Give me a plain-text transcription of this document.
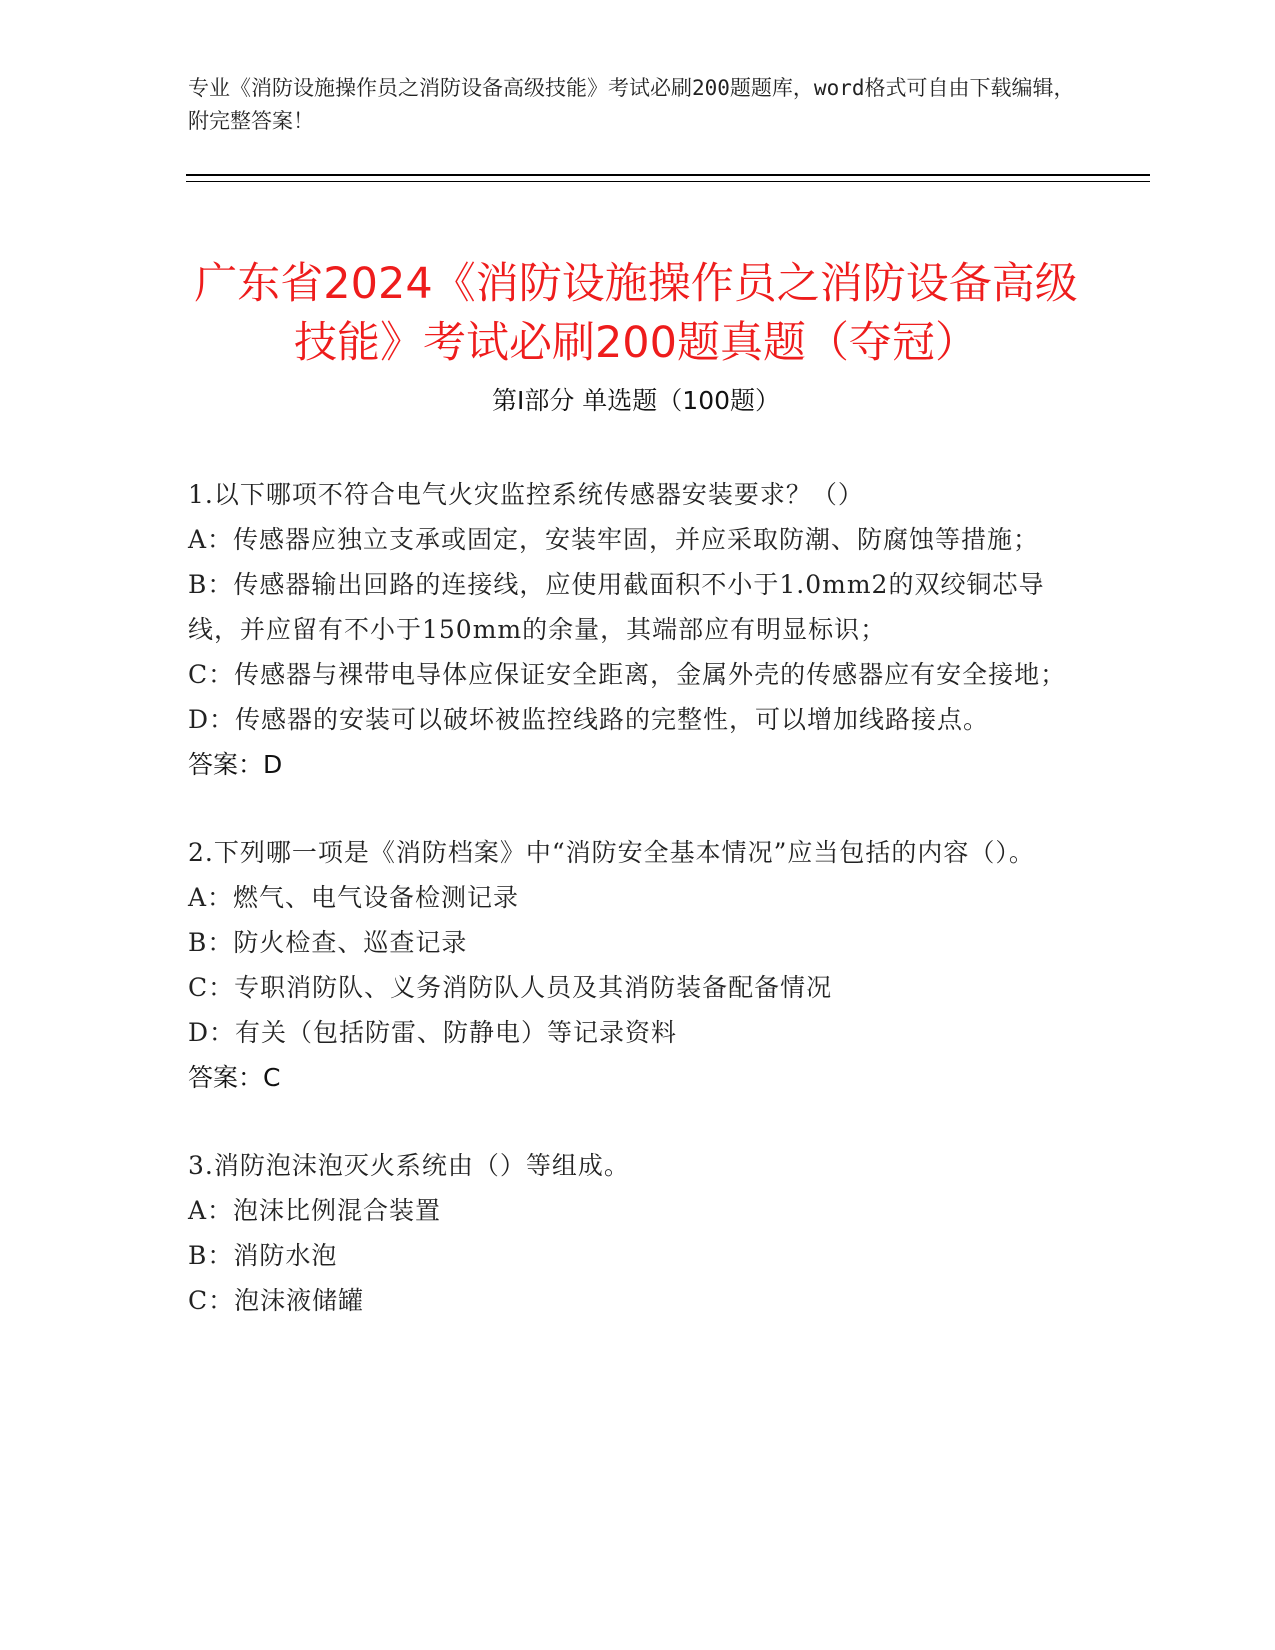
专业《消防设施操作员之消防设备高级技能》考试必刷200题题库，word格式可自由下载编辑，附完整答案！
广东省2024《消防设施操作员之消防设备高级技能》考试必刷200题真题（夺冠）
第I部分 单选题（100题）
1.以下哪项不符合电气火灾监控系统传感器安装要求？（）
A：传感器应独立支承或固定，安装牢固，并应采取防潮、防腐蚀等措施；
B：传感器输出回路的连接线，应使用截面积不小于1.0mm2的双绞铜芯导线，并应留有不小于150mm的余量，其端部应有明显标识；
C：传感器与裸带电导体应保证安全距离，金属外壳的传感器应有安全接地；
D：传感器的安装可以破坏被监控线路的完整性，可以增加线路接点。
答案：D
2.下列哪一项是《消防档案》中“消防安全基本情况”应当包括的内容（）。
A：燃气、电气设备检测记录
B：防火检查、巡查记录
C：专职消防队、义务消防队人员及其消防装备配备情况
D：有关（包括防雷、防静电）等记录资料
答案：C
3.消防泡沫泡灭火系统由（）等组成。
A：泡沫比例混合装置
B：消防水泡
C：泡沫液储罐
